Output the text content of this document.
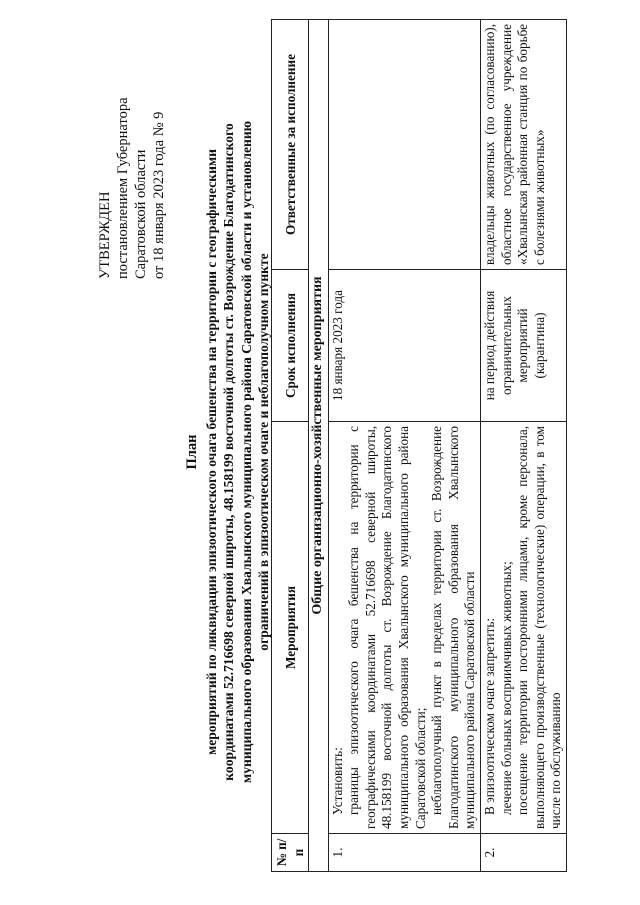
УТВЕРЖДЕН постановлением Губернатора Саратовской области от 18 января 2023 года № 9
План мероприятий по ликвидации эпизоотического очага бешенства на территории с географическими координатами 52.716698 северной широты, 48.158199 восточной долготы ст. Возрождение Благодатинского муниципального образования Хвалынского муниципального района Саратовской области и установлению ограничений в эпизоотическом очаге и неблагополучном пункте
№ п/п	Мероприятия	Срок исполнения	Ответственные за исполнение
Общие организационно-хозяйственные мероприятия			
1.	Установить: границы эпизоотического очага бешенства на территории с географическими координатами 52.716698 северной широты, 48.158199 восточной долготы ст. Возрождение Благодатинского муниципального образования Хвалынского муниципального района Саратовской области; неблагополучный пункт в пределах территории ст. Возрождение Благодатинского муниципального образования Хвалынского муниципального района Саратовской области	18 января 2023 года	
2.	В эпизоотическом очаге запретить: лечение больных восприимчивых животных; посещение территории посторонними лицами, кроме персонала, выполняющего производственные (технологические) операции, в том числе по обслуживанию	на период действия ограничительных мероприятий (карантина)	владельцы животных (по согласованию), областное государственное учреждение «Хвалынская районная станция по борьбе с болезнями животных»
